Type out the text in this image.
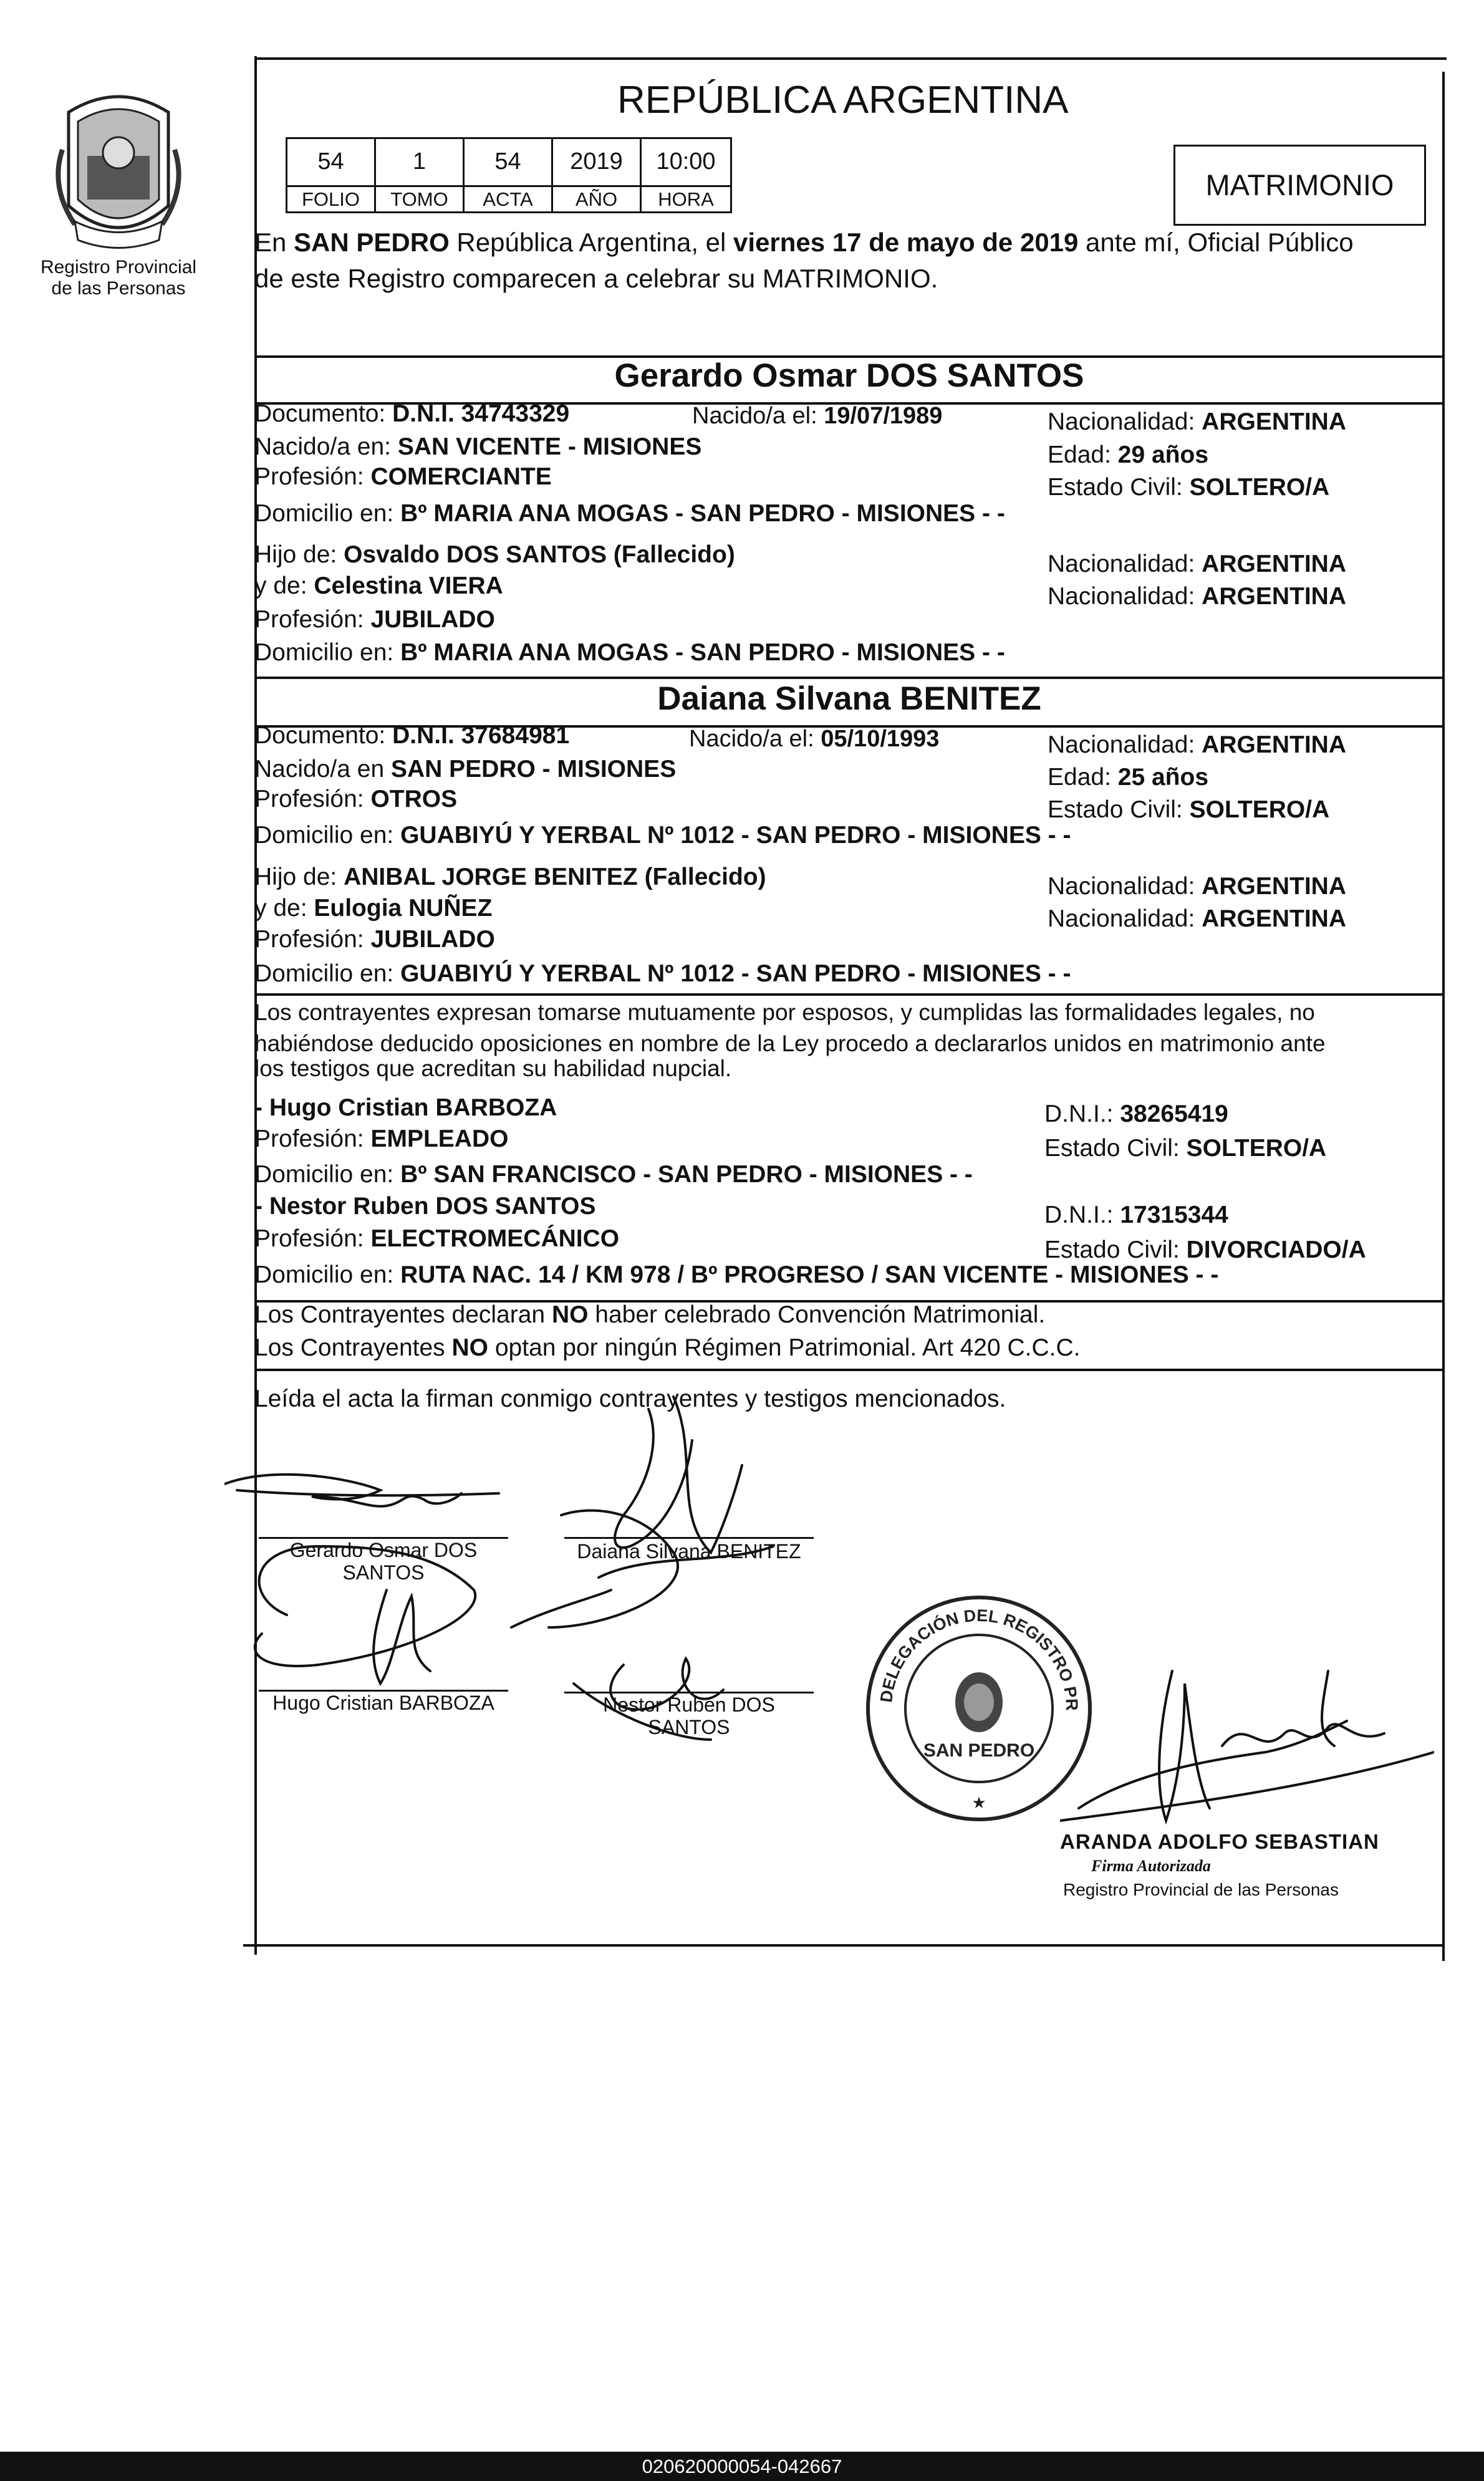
Registro Provincial
de las Personas
REPÚBLICA ARGENTINA
54	1	54	2019	10:00
FOLIO	TOMO	ACTA	AÑO	HORA	MATRIMONIO
En SAN PEDRO República Argentina, el viernes 17 de mayo de 2019 ante mí, Oficial Público
de este Registro comparecen a celebrar su MATRIMONIO.
Gerardo Osmar DOS SANTOS
Documento: D.N.I. 34743329	Nacido/a el: 19/07/1989	Nacionalidad: ARGENTINA
Nacido/a en: SAN VICENTE - MISIONES	Edad: 29 años
Profesión: COMERCIANTE	Estado Civil: SOLTERO/A
Domicilio en: Bº MARIA ANA MOGAS - SAN PEDRO - MISIONES - -
Hijo de: Osvaldo DOS SANTOS (Fallecido)	Nacionalidad: ARGENTINA
y de: Celestina VIERA	Nacionalidad: ARGENTINA
Profesión: JUBILADO
Domicilio en: Bº MARIA ANA MOGAS - SAN PEDRO - MISIONES - -
Daiana Silvana BENITEZ
Documento: D.N.I. 37684981	Nacido/a el: 05/10/1993	Nacionalidad: ARGENTINA
Nacido/a en SAN PEDRO - MISIONES	Edad: 25 años
Profesión: OTROS	Estado Civil: SOLTERO/A
Domicilio en: GUABIYÚ Y YERBAL Nº 1012 - SAN PEDRO - MISIONES - -
Hijo de: ANIBAL JORGE BENITEZ (Fallecido)	Nacionalidad: ARGENTINA
y de: Eulogia NUÑEZ	Nacionalidad: ARGENTINA
Profesión: JUBILADO
Domicilio en: GUABIYÚ Y YERBAL Nº 1012 - SAN PEDRO - MISIONES - -
Los contrayentes expresan tomarse mutuamente por esposos, y cumplidas las formalidades legales, no
habiéndose deducido oposiciones en nombre de la Ley procedo a declararlos unidos en matrimonio ante
los testigos que acreditan su habilidad nupcial.
- Hugo Cristian BARBOZA	D.N.I.: 38265419
Profesión: EMPLEADO	Estado Civil: SOLTERO/A
Domicilio en: Bº SAN FRANCISCO - SAN PEDRO - MISIONES - -
- Nestor Ruben DOS SANTOS	D.N.I.: 17315344
Profesión: ELECTROMECÁNICO	Estado Civil: DIVORCIADO/A
Domicilio en: RUTA NAC. 14 / KM 978 / Bº PROGRESO / SAN VICENTE - MISIONES - -
Los Contrayentes declaran NO haber celebrado Convención Matrimonial.
Los Contrayentes NO optan por ningún Régimen Patrimonial. Art 420 C.C.C.
Leída el acta la firman conmigo contrayentes y testigos mencionados.
Gerardo Osmar DOS
SANTOS
Daiana Silvana BENITEZ
Hugo Cristian BARBOZA	Nestor Ruben DOS
SANTOS
DELEGACIÓN DEL REGISTRO PR
SAN PEDRO
★
ARANDA ADOLFO SEBASTIAN
Firma Autorizada
Registro Provincial de las Personas
020620000054-042667
